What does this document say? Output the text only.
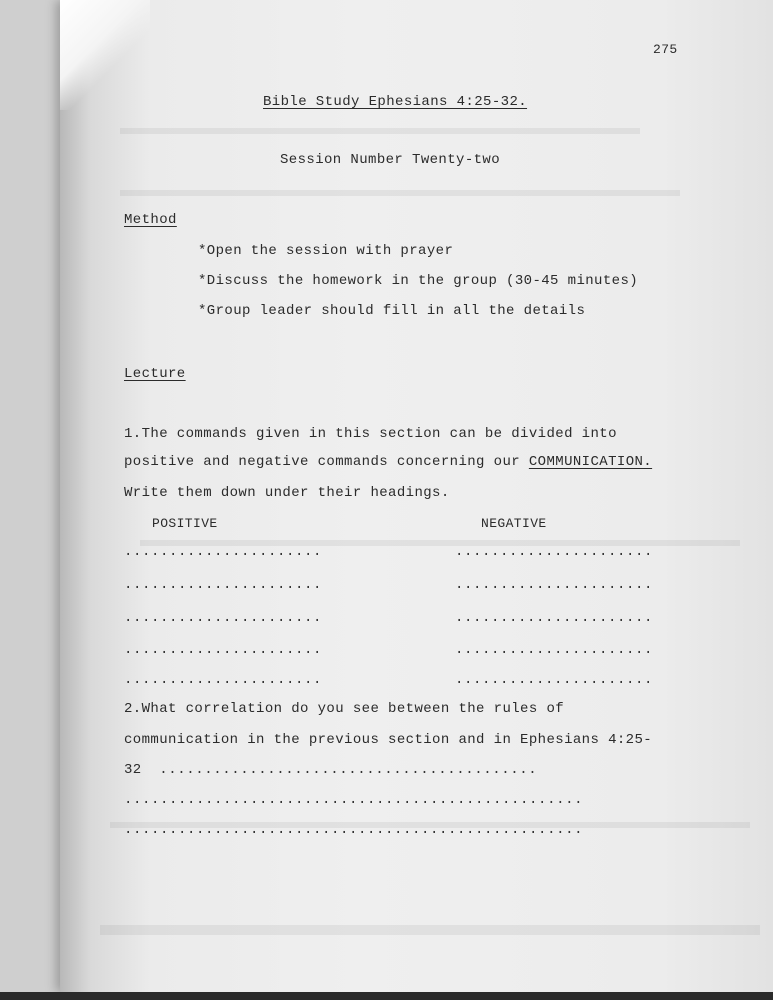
275
Bible Study Ephesians 4:25-32.
Session Number Twenty-two
Method
*Open the session with prayer
*Discuss the homework in the group (30-45 minutes)
*Group leader should fill in all the details
Lecture
1.The commands given in this section can be divided into
positive and negative commands concerning our COMMUNICATION.
Write them down under their headings.
POSITIVE	NEGATIVE
......................	......................
......................	......................
......................	......................
......................	......................
......................	......................
2.What correlation do you see between the rules of
communication in the previous section and in Ephesians 4:25-
32 ..........................................
...................................................
...................................................
